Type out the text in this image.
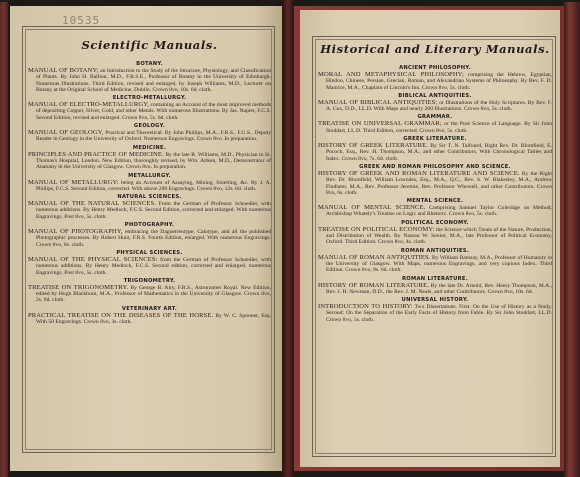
10535
Scientific Manuals.
BOTANY.
MANUAL OF BOTANY; an Introduction to the Study of the Structure, Physiology, and Classification of Plants. By John H. Balfour, M.D., F.R.S.E., Professor of Botany in the University of Edinburgh. Numerous Illustrations. Third Edition, revised and enlarged, by Joseph Williams, M.D., Lecturer on Botany at the Original School of Medicine, Dublin. Crown 8vo, 10s. 6d. cloth.
ELECTRO-METALLURGY.
MANUAL OF ELECTRO-METALLURGY, containing an Account of the most improved methods of depositing Copper, Silver, Gold, and other Metals. With numerous Illustrations. By Jas. Napier, F.C.S. Second Edition, revised and enlarged. Crown 8vo, 5s. 6d. cloth.
GEOLOGY.
MANUAL OF GEOLOGY, Practical and Theoretical. By John Phillips, M.A., F.R.S., F.G.S., Deputy Reader in Geology in the University of Oxford. Numerous Engravings. Crown 8vo. In preparation.
MEDICINE.
PRINCIPLES AND PRACTICE OF MEDICINE. By the late R. Williams, M.D., Physician to St. Thomas's Hospital, London. New Edition, thoroughly revised, by Wm. Aitken, M.D., Demonstrator of Anatomy in the University of Glasgow. Crown 8vo. In preparation.
METALLURGY.
MANUAL OF METALLURGY: being an Account of Assaying, Mining, Smelting, &c. By J. A. Phillips, F.C.S. Second Edition, corrected. With above 200 Engravings. Crown 8vo, 12s. 6d. cloth.
NATURAL SCIENCES.
MANUAL OF THE NATURAL SCIENCES. From the German of Professor Schoedler, with numerous additions. By Henry Medlock, F.C.S. Second Edition, corrected and enlarged. With numerous Engravings. Post 8vo, 5s. cloth.
PHOTOGRAPHY.
MANUAL OF PHOTOGRAPHY, embracing the Daguerreotype, Calotype, and all the published Photographic processes. By Robert Hunt, F.R.S. Fourth Edition, enlarged. With numerous Engravings. Crown 8vo, 6s. cloth.
PHYSICAL SCIENCES.
MANUAL OF THE PHYSICAL SCIENCES: from the German of Professor Schoedler, with numerous additions. By Henry Medlock, F.C.S. Second edition, corrected and enlarged, numerous Engravings. Post 8vo, 5s. cloth.
TRIGONOMETRY.
TREATISE ON TRIGONOMETRY. By George B. Airy, F.R.S., Astronomer Royal. New Edition, edited by Hugh Blackburn, M.A., Professor of Mathematics in the University of Glasgow. Crown 8vo, 2s. 6d. cloth.
VETERINARY ART.
PRACTICAL TREATISE ON THE DISEASES OF THE HORSE. By W. C. Spooner, Esq. With 50 Engravings. Crown 8vo, 3s. cloth.
Historical and Literary Manuals.
ANCIENT PHILOSOPHY.
MORAL AND METAPHYSICAL PHILOSOPHY; comprising the Hebrew, Egyptian, Hindoo, Chinese, Persian, Grecian, Roman, and Alexandrian Systems of Philosophy. By Rev. F. D. Maurice, M.A., Chaplain of Lincoln's Inn. Crown 8vo, 5s. cloth.
BIBLICAL ANTIQUITIES.
MANUAL OF BIBLICAL ANTIQUITIES; or Illustrations of the Holy Scriptures. By Rev. F. A. Cox, D.D., LL.D. With Maps and nearly 200 Illustrations. Crown 8vo, 5s. cloth.
GRAMMAR.
TREATISE ON UNIVERSAL GRAMMAR; or the Pure Science of Language. By Sir John Stoddart, LL.D. Third Edition, corrected. Crown 8vo, 5s. cloth.
GREEK LITERATURE.
HISTORY OF GREEK LITERATURE. By Sir T. N. Talfourd, Right Rev. Dr. Blomfield, E. Pocock, Esq., Rev. H. Thompson, M.A., and other Contributors. With Chronological Tables and Index. Crown 8vo, 7s. 6d. cloth.
GREEK AND ROMAN PHILOSOPHY AND SCIENCE.
HISTORY OF GREEK AND ROMAN LITERATURE AND SCIENCE. By the Right Rev. Dr. Blomfield, William Lowndes, Esq., M.A., Q.C., Rev. S. W. Blakesley, M.A., Andrew Findlater, M.A., Rev. Professor Jeremie, Rev. Professor Whewell, and other Contributors. Crown 8vo, 6s. cloth.
MENTAL SCIENCE.
MANUAL OF MENTAL SCIENCE. Comprising Samuel Taylor Coleridge on Method; Archbishop Whately's Treatise on Logic and Rhetoric. Crown 8vo, 5s. cloth.
POLITICAL ECONOMY.
TREATISE ON POLITICAL ECONOMY: the Science which Treats of the Nature, Production, and Distribution of Wealth. By Nassau W. Senior, M.A., late Professor of Political Economy, Oxford. Third Edition. Crown 8vo, 4s. cloth.
ROMAN ANTIQUITIES.
MANUAL OF ROMAN ANTIQUITIES. By William Ramsay, M.A., Professor of Humanity in the University of Glasgow. With Maps, numerous Engravings, and very copious Index. Third Edition. Crown 8vo, 8s. 6d. cloth.
ROMAN LITERATURE.
HISTORY OF ROMAN LITERATURE. By the late Dr. Arnold, Rev. Henry Thompson, M.A., Rev. J. H. Newman, D.D., the Rev. J. M. Neale, and other Contributors. Crown 8vo, 10s. 6d.
UNIVERSAL HISTORY.
INTRODUCTION TO HISTORY: Two Dissertations. First: On the Use of History as a Study. Second: On the Separation of the Early Facts of History from Fable. By Sir John Stoddart, LL.D. Crown 8vo, 5s. cloth.
